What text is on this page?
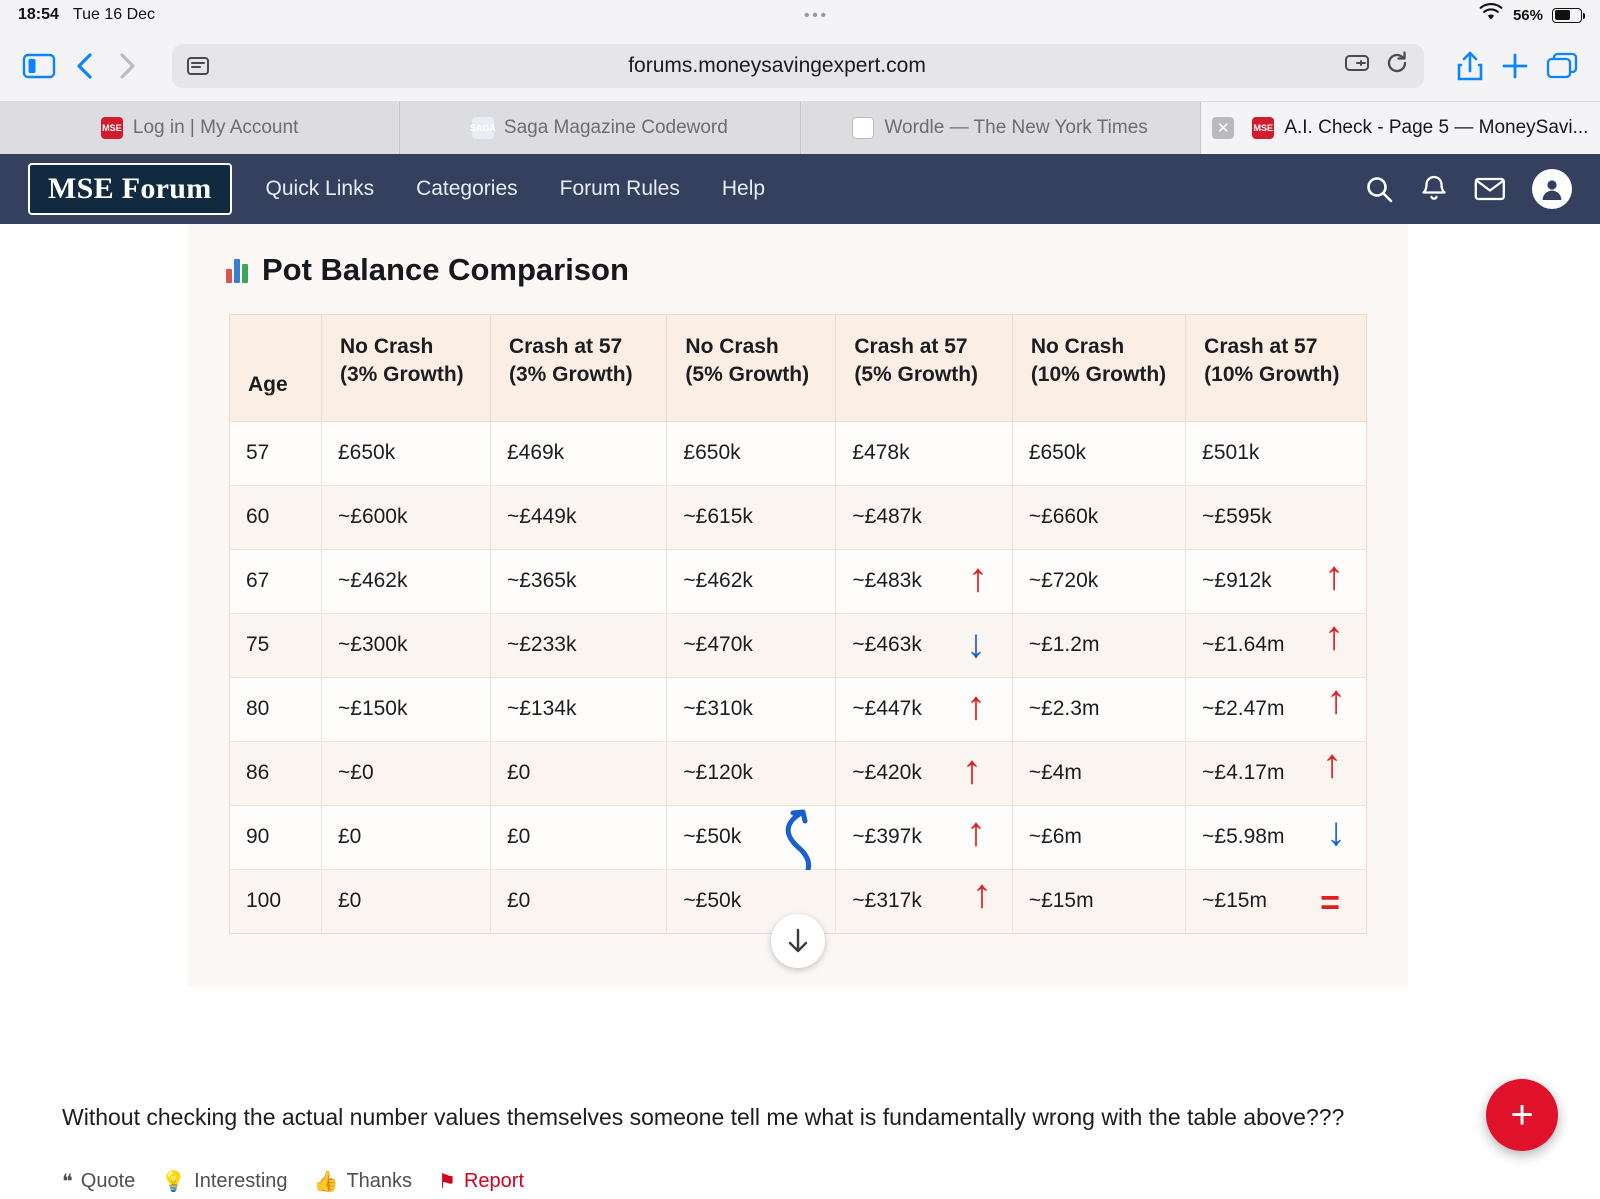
18:54 Tue 16 Dec	•••	56%
forums.moneysavingexpert.com
MSE Log in | My Account	SAGA Saga Magazine Codeword	▦ Wordle — The New York Times	✕	MSE A.I. Check - Page 5 — MoneySavi...
MSE Forum	Quick Links	Categories	Forum Rules	Help
Pot Balance Comparison
Age	No Crash (3% Growth)	Crash at 57 (3% Growth)	No Crash (5% Growth)	Crash at 57 (5% Growth)	No Crash (10% Growth)	Crash at 57 (10% Growth)
57	£650k	£469k	£650k	£478k	£650k	£501k
60	~£600k	~£449k	~£615k	~£487k	~£660k	~£595k
67	~£462k	~£365k	~£462k	~£483k ↑	~£720k	~£912k ↑

75	~£300k	~£233k	~£470k	~£463k ↓	~£1.2m	~£1.64m ↑

80	~£150k	~£134k	~£310k	~£447k ↑	~£2.3m	~£2.47m ↑

86	~£0	£0	~£120k	~£420k ↑	~£4m	~£4.17m ↑

90	£0	£0	~£50k	~£397k ↑	~£6m	~£5.98m ↓

100	£0	£0	~£50k	~£317k ↑	~£15m	~£15m =
Without checking the actual number values themselves someone tell me what is fundamentally wrong with the table above???
❝ Quote 💡 Interesting 👍 Thanks ⚑ Report
+
